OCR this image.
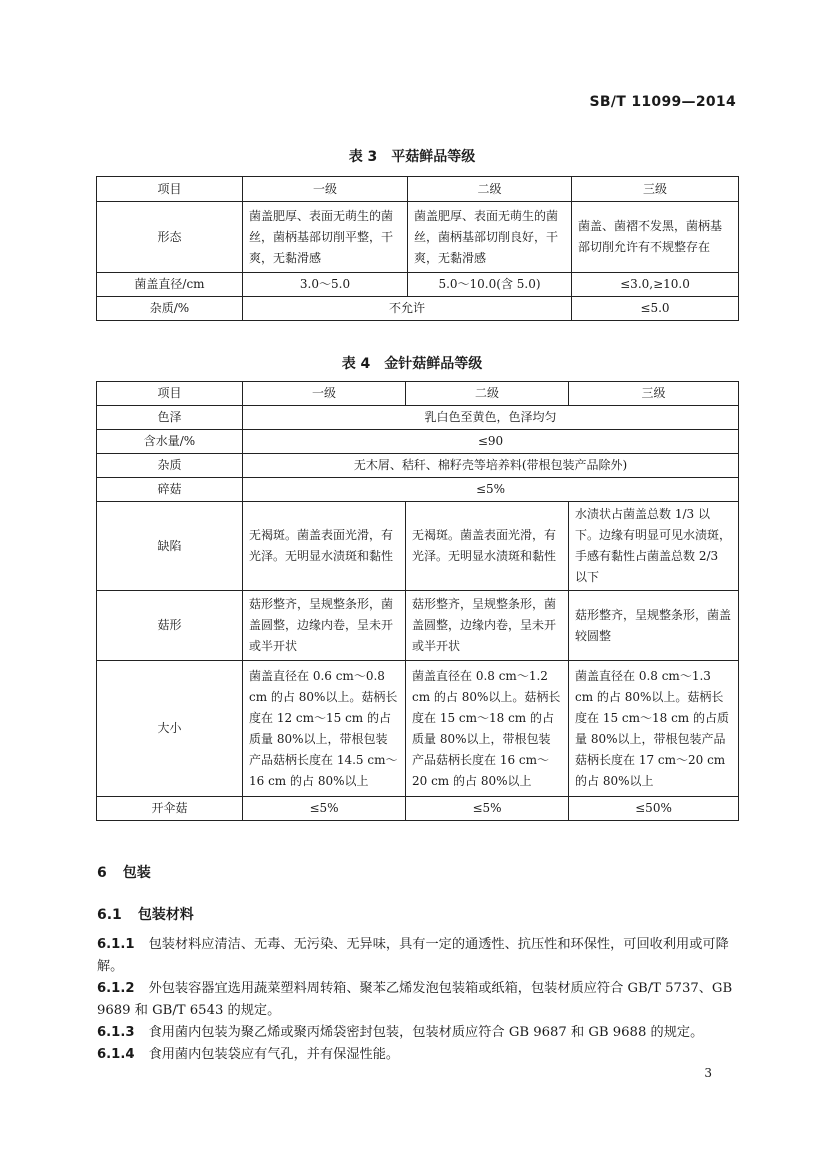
SB/T 11099—2014
表 3　平菇鲜品等级
项目	一级	二级	三级
形态	菌盖肥厚、表面无萌生的菌丝，菌柄基部切削平整，干爽，无黏滑感	菌盖肥厚、表面无萌生的菌丝，菌柄基部切削良好，干爽，无黏滑感	菌盖、菌褶不发黑，菌柄基部切削允许有不规整存在
菌盖直径/cm	3.0～5.0	5.0～10.0(含 5.0)	≤3.0,≥10.0
杂质/%	不允许		≤5.0
表 4　金针菇鲜品等级
项目	一级	二级	三级
色泽	乳白色至黄色，色泽均匀		
含水量/%	≤90		
杂质	无木屑、秸秆、棉籽壳等培养料(带根包装产品除外)		
碎菇	≤5%		
缺陷	无褐斑。菌盖表面光滑，有光泽。无明显水渍斑和黏性	无褐斑。菌盖表面光滑，有光泽。无明显水渍斑和黏性	水渍状占菌盖总数 1/3 以下。边缘有明显可见水渍斑，手感有黏性占菌盖总数 2/3 以下
菇形	菇形整齐，呈规整条形，菌盖圆整，边缘内卷，呈未开或半开状	菇形整齐，呈规整条形，菌盖圆整，边缘内卷，呈未开或半开状	菇形整齐，呈规整条形，菌盖较圆整
大小	菌盖直径在 0.6 cm～0.8 cm 的占 80%以上。菇柄长度在 12 cm～15 cm 的占质量 80%以上，带根包装产品菇柄长度在 14.5 cm～16 cm 的占 80%以上	菌盖直径在 0.8 cm～1.2 cm 的占 80%以上。菇柄长度在 15 cm～18 cm 的占质量 80%以上，带根包装产品菇柄长度在 16 cm～20 cm 的占 80%以上	菌盖直径在 0.8 cm～1.3 cm 的占 80%以上。菇柄长度在 15 cm～18 cm 的占质量 80%以上，带根包装产品菇柄长度在 17 cm～20 cm 的占 80%以上
开伞菇	≤5%	≤5%	≤50%
6 包装
6.1 包装材料
6.1.1 包装材料应清洁、无毒、无污染、无异味，具有一定的通透性、抗压性和环保性，可回收利用或可降解。
6.1.2 外包装容器宜选用蔬菜塑料周转箱、聚苯乙烯发泡包装箱或纸箱，包装材质应符合 GB/T 5737、GB 9689 和 GB/T 6543 的规定。
6.1.3 食用菌内包装为聚乙烯或聚丙烯袋密封包装，包装材质应符合 GB 9687 和 GB 9688 的规定。
6.1.4 食用菌内包装袋应有气孔，并有保湿性能。
3
